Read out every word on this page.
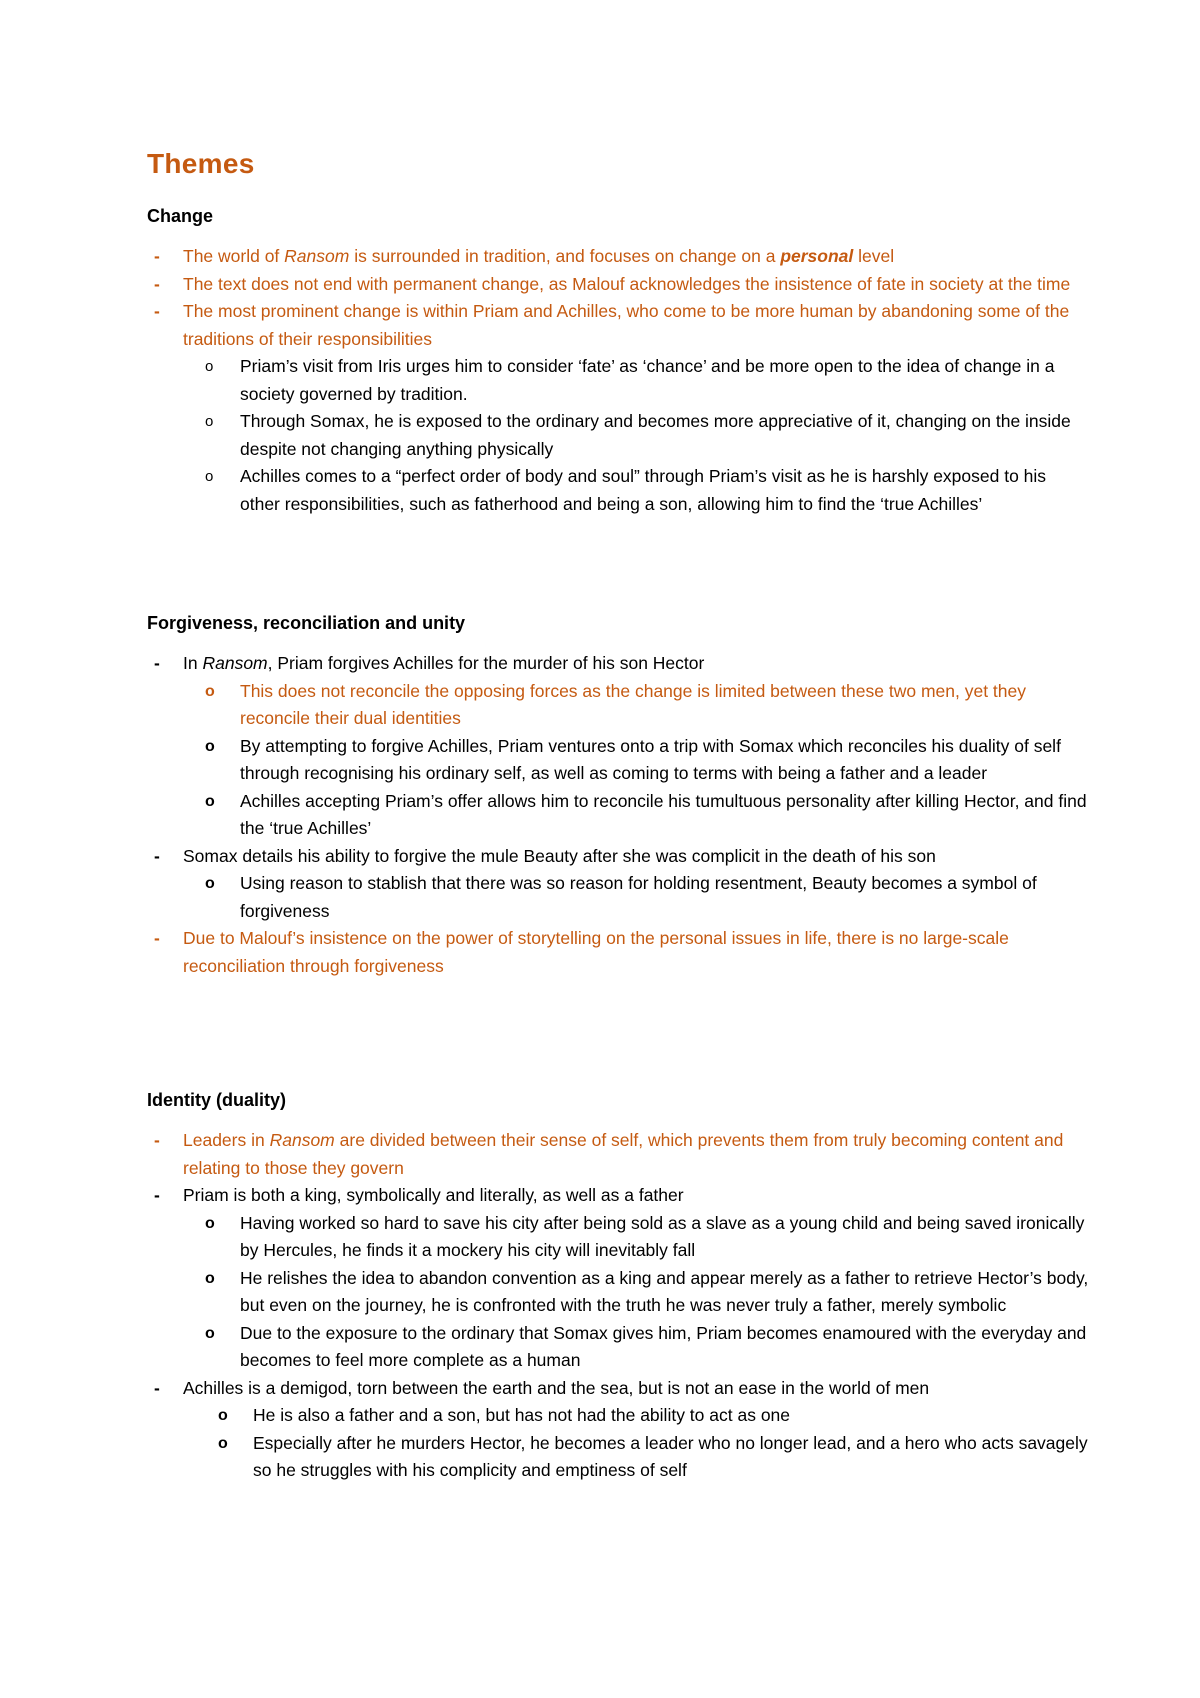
Themes
Change
- The world of Ransom is surrounded in tradition, and focuses on change on a personal level
- The text does not end with permanent change, as Malouf acknowledges the insistence of fate in society at the time
- The most prominent change is within Priam and Achilles, who come to be more human by abandoning some of the traditions of their responsibilities
o Priam’s visit from Iris urges him to consider ‘fate’ as ‘chance’ and be more open to the idea of change in a society governed by tradition.
o Through Somax, he is exposed to the ordinary and becomes more appreciative of it, changing on the inside despite not changing anything physically
o Achilles comes to a “perfect order of body and soul” through Priam’s visit as he is harshly exposed to his other responsibilities, such as fatherhood and being a son, allowing him to find the ‘true Achilles’
Forgiveness, reconciliation and unity
- In Ransom, Priam forgives Achilles for the murder of his son Hector
o This does not reconcile the opposing forces as the change is limited between these two men, yet they reconcile their dual identities
o By attempting to forgive Achilles, Priam ventures onto a trip with Somax which reconciles his duality of self through recognising his ordinary self, as well as coming to terms with being a father and a leader
o Achilles accepting Priam’s offer allows him to reconcile his tumultuous personality after killing Hector, and find the ‘true Achilles’
- Somax details his ability to forgive the mule Beauty after she was complicit in the death of his son
o Using reason to stablish that there was so reason for holding resentment, Beauty becomes a symbol of forgiveness
- Due to Malouf’s insistence on the power of storytelling on the personal issues in life, there is no large-scale reconciliation through forgiveness
Identity (duality)
- Leaders in Ransom are divided between their sense of self, which prevents them from truly becoming content and relating to those they govern
- Priam is both a king, symbolically and literally, as well as a father
o Having worked so hard to save his city after being sold as a slave as a young child and being saved ironically by Hercules, he finds it a mockery his city will inevitably fall
o He relishes the idea to abandon convention as a king and appear merely as a father to retrieve Hector’s body, but even on the journey, he is confronted with the truth he was never truly a father, merely symbolic
o Due to the exposure to the ordinary that Somax gives him, Priam becomes enamoured with the everyday and becomes to feel more complete as a human
- Achilles is a demigod, torn between the earth and the sea, but is not an ease in the world of men
o He is also a father and a son, but has not had the ability to act as one
o Especially after he murders Hector, he becomes a leader who no longer lead, and a hero who acts savagely so he struggles with his complicity and emptiness of self
